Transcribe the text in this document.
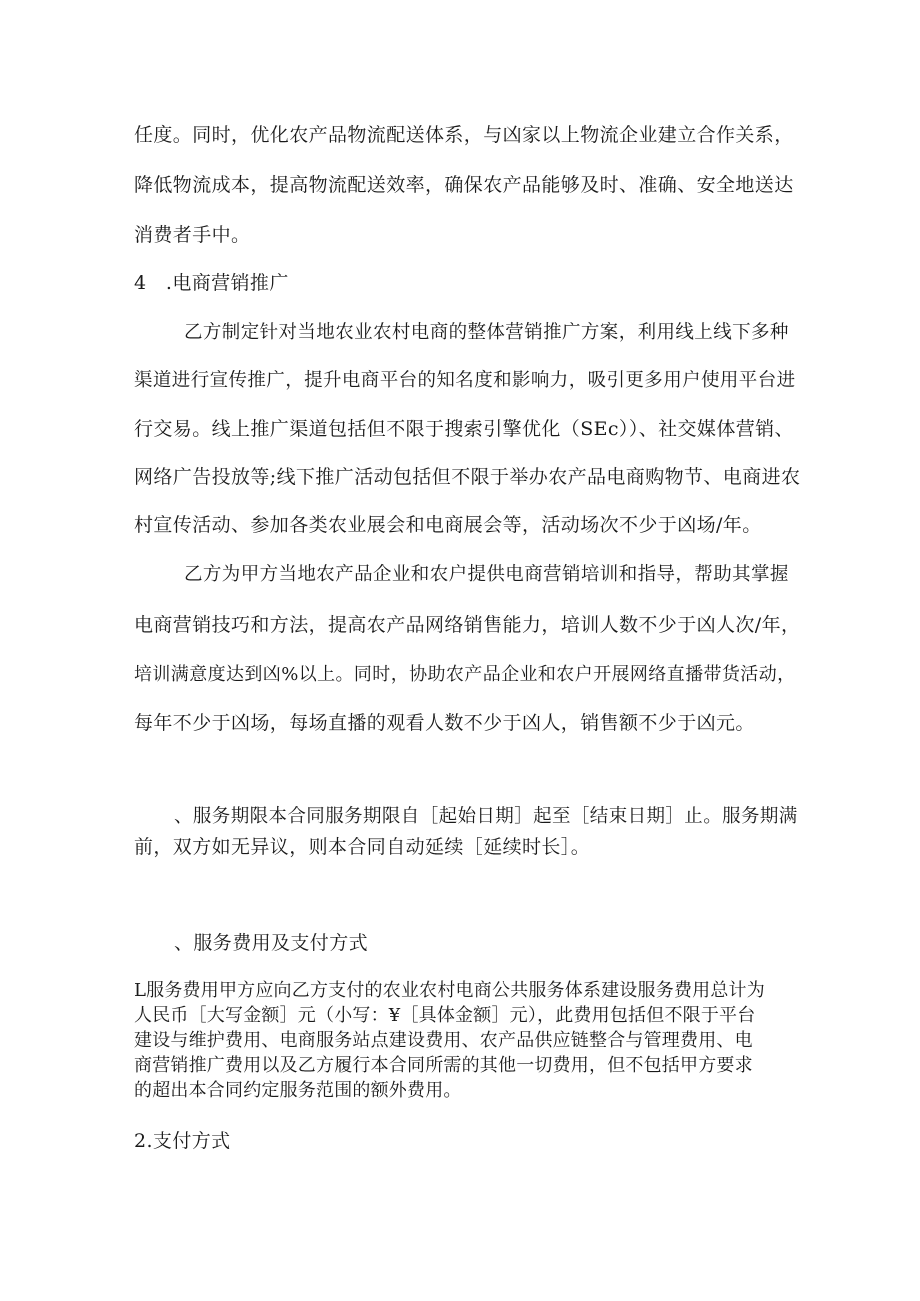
任度。同时，优化农产品物流配送体系，与凶家以上物流企业建立合作关系，
降低物流成本，提高物流配送效率，确保农产品能够及时、准确、安全地送达
消费者手中。
4　.电商营销推广
乙方制定针对当地农业农村电商的整体营销推广方案，利用线上线下多种
渠道进行宣传推广，提升电商平台的知名度和影响力，吸引更多用户使用平台进
行交易。线上推广渠道包括但不限于搜索引擎优化（SEc））、社交媒体营销、
网络广告投放等;线下推广活动包括但不限于举办农产品电商购物节、电商进农
村宣传活动、参加各类农业展会和电商展会等，活动场次不少于凶场/年。
乙方为甲方当地农产品企业和农户提供电商营销培训和指导，帮助其掌握
电商营销技巧和方法，提高农产品网络销售能力，培训人数不少于凶人次/年，
培训满意度达到凶%以上。同时，协助农产品企业和农户开展网络直播带货活动，
每年不少于凶场，每场直播的观看人数不少于凶人，销售额不少于凶元。
、服务期限本合同服务期限自［起始日期］起至［结束日期］止。服务期满
前，双方如无异议，则本合同自动延续［延续时长］。
、服务费用及支付方式
L服务费用甲方应向乙方支付的农业农村电商公共服务体系建设服务费用总计为
人民币［大写金额］元（小写：¥［具体金额］元），此费用包括但不限于平台
建设与维护费用、电商服务站点建设费用、农产品供应链整合与管理费用、电
商营销推广费用以及乙方履行本合同所需的其他一切费用，但不包括甲方要求
的超出本合同约定服务范围的额外费用。
2.支付方式
